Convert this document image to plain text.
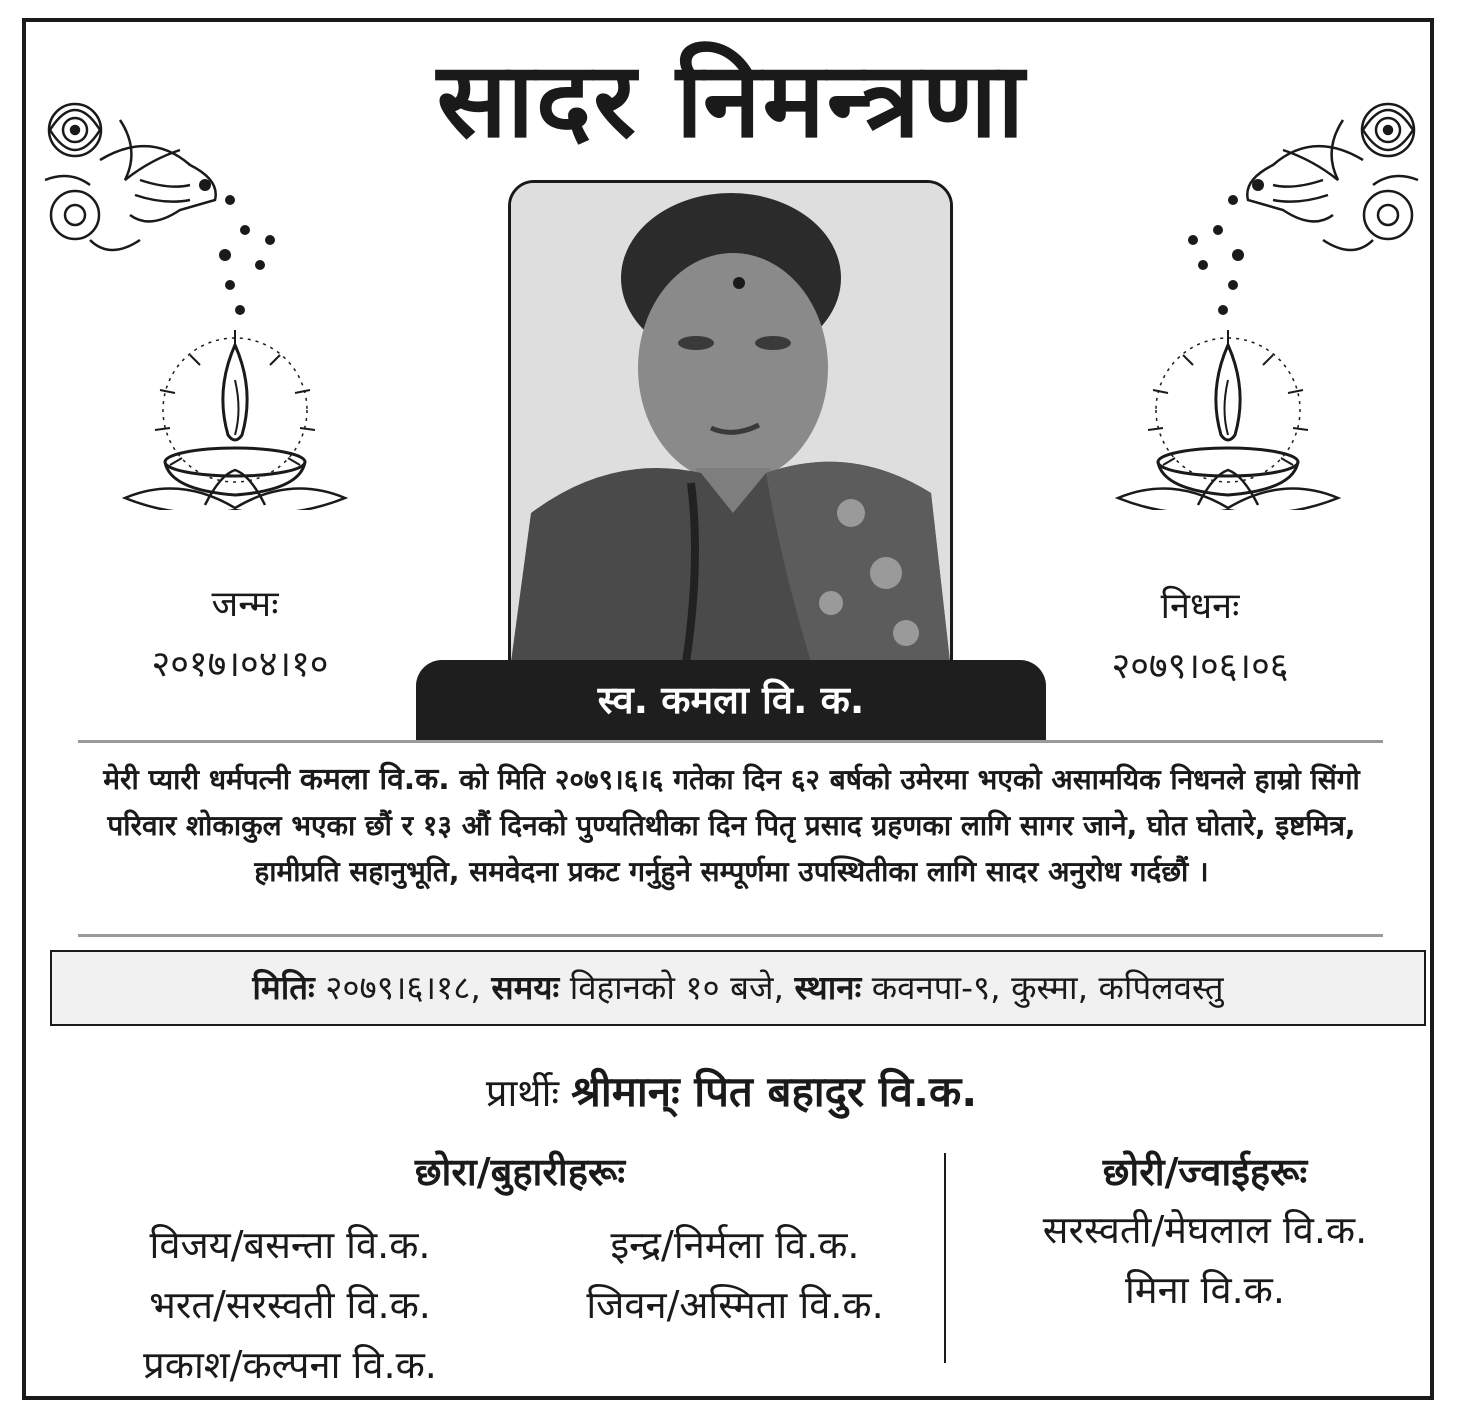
सादर निमन्त्रणा
स्व. कमला वि. क.
जन्मः
२०१७।०४।१०
निधनः
२०७९।०६।०६
मेरी प्यारी धर्मपत्नी कमला वि.क. को मिति २०७९।६।६ गतेका दिन ६२ बर्षको उमेरमा भएको असामयिक निधनले हाम्रो सिंगो परिवार शोकाकुल भएका छौं र १३ औं दिनको पुण्यतिथीका दिन पितृ प्रसाद ग्रहणका लागि सागर जाने, घोत घोतारे, इष्टमित्र, हामीप्रति सहानुभूति, समवेदना प्रकट गर्नुहुने सम्पूर्णमा उपस्थितीका लागि सादर अनुरोध गर्दछौं ।
मितिः २०७९।६।१८, समयः विहानको १० बजे, स्थानः कवनपा-९, कुस्मा, कपिलवस्तु
प्रार्थीः श्रीमान्ः पित बहादुर वि.क.
छोरा/बुहारीहरूः	छोरी/ज्वाईहरूः
विजय/बसन्ता वि.क.
भरत/सरस्वती वि.क.
प्रकाश/कल्पना वि.क.
इन्द्र/निर्मला वि.क.
जिवन/अस्मिता वि.क.
सरस्वती/मेघलाल वि.क.
मिना वि.क.
